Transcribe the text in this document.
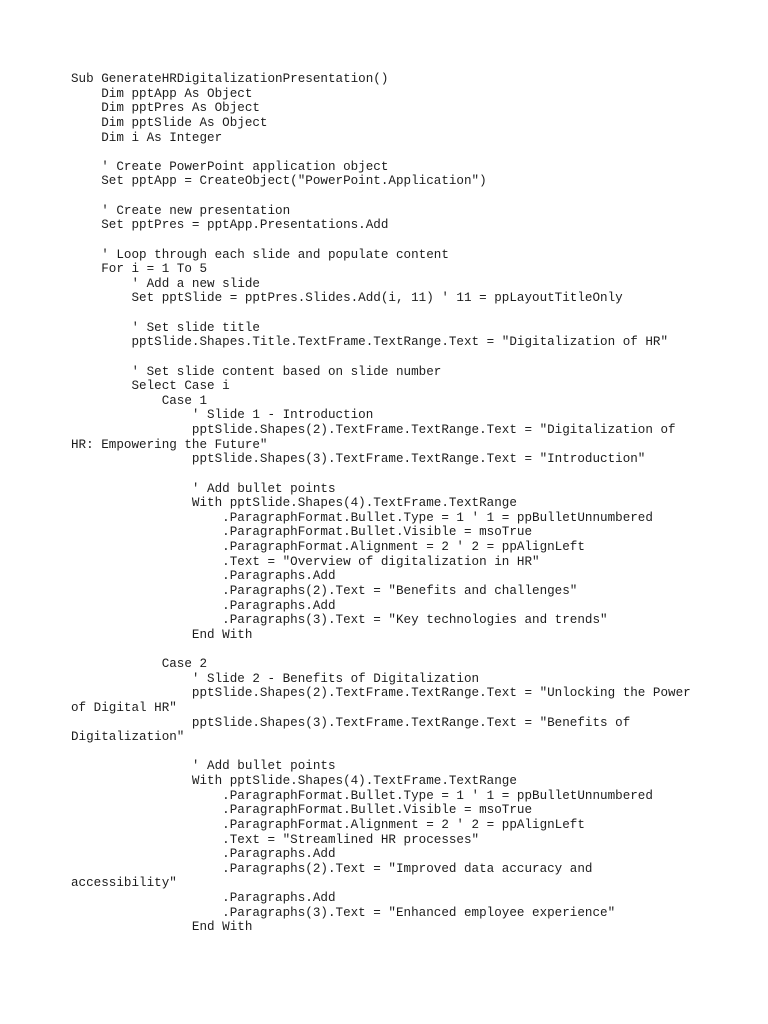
Sub GenerateHRDigitalizationPresentation()
Dim pptApp As Object
Dim pptPres As Object
Dim pptSlide As Object
Dim i As Integer
' Create PowerPoint application object
Set pptApp = CreateObject("PowerPoint.Application")
' Create new presentation
Set pptPres = pptApp.Presentations.Add
' Loop through each slide and populate content
For i = 1 To 5
' Add a new slide
Set pptSlide = pptPres.Slides.Add(i, 11) ' 11 = ppLayoutTitleOnly
' Set slide title
pptSlide.Shapes.Title.TextFrame.TextRange.Text = "Digitalization of HR"
' Set slide content based on slide number
Select Case i
Case 1
' Slide 1 - Introduction
pptSlide.Shapes(2).TextFrame.TextRange.Text = "Digitalization of
HR: Empowering the Future"
pptSlide.Shapes(3).TextFrame.TextRange.Text = "Introduction"
' Add bullet points
With pptSlide.Shapes(4).TextFrame.TextRange
.ParagraphFormat.Bullet.Type = 1 ' 1 = ppBulletUnnumbered
.ParagraphFormat.Bullet.Visible = msoTrue
.ParagraphFormat.Alignment = 2 ' 2 = ppAlignLeft
.Text = "Overview of digitalization in HR"
.Paragraphs.Add
.Paragraphs(2).Text = "Benefits and challenges"
.Paragraphs.Add
.Paragraphs(3).Text = "Key technologies and trends"
End With
Case 2
' Slide 2 - Benefits of Digitalization
pptSlide.Shapes(2).TextFrame.TextRange.Text = "Unlocking the Power
of Digital HR"
pptSlide.Shapes(3).TextFrame.TextRange.Text = "Benefits of
Digitalization"
' Add bullet points
With pptSlide.Shapes(4).TextFrame.TextRange
.ParagraphFormat.Bullet.Type = 1 ' 1 = ppBulletUnnumbered
.ParagraphFormat.Bullet.Visible = msoTrue
.ParagraphFormat.Alignment = 2 ' 2 = ppAlignLeft
.Text = "Streamlined HR processes"
.Paragraphs.Add
.Paragraphs(2).Text = "Improved data accuracy and
accessibility"
.Paragraphs.Add
.Paragraphs(3).Text = "Enhanced employee experience"
End With
